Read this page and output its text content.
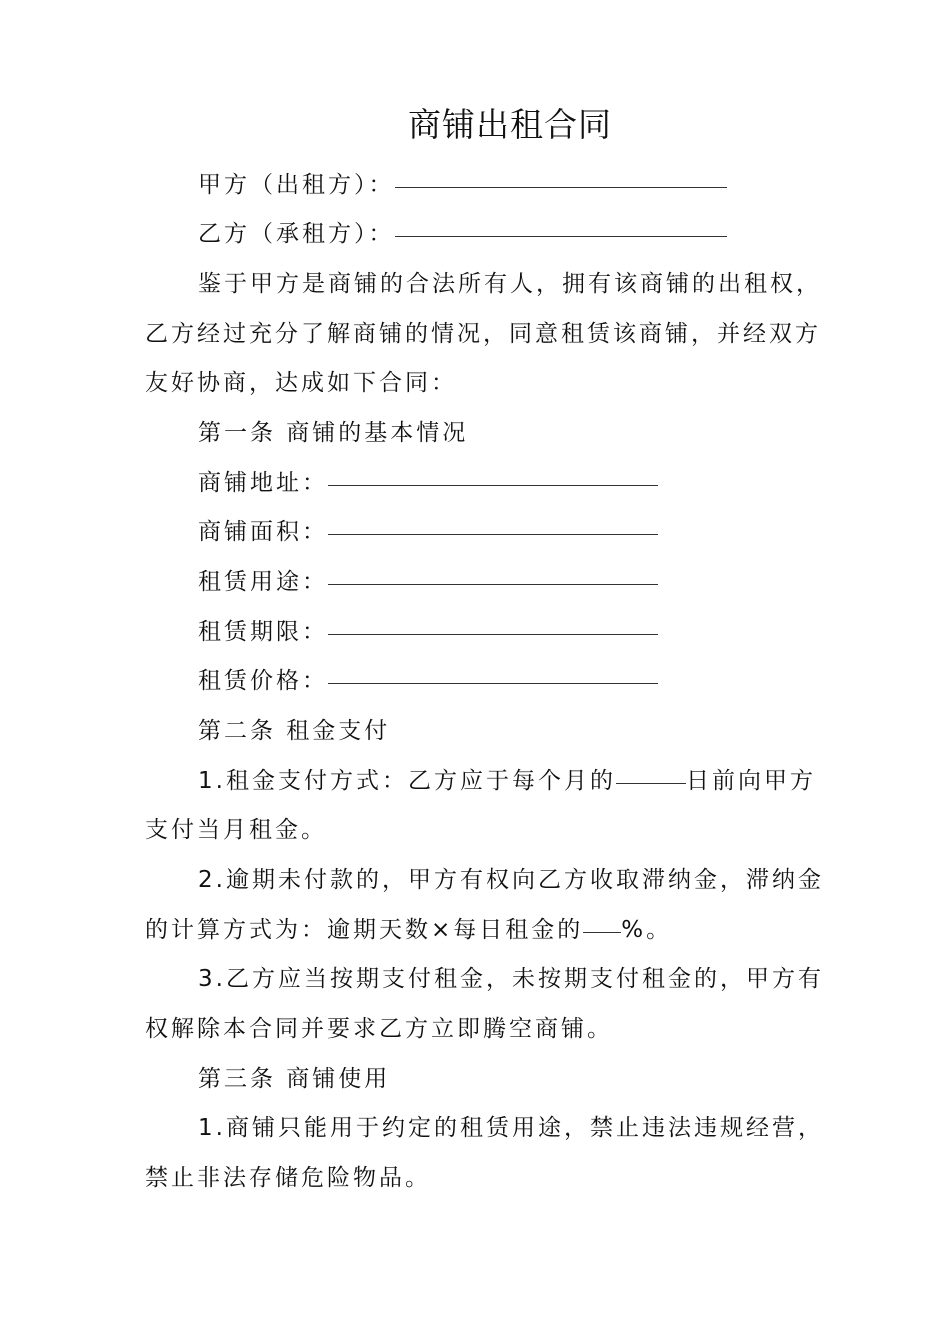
商铺出租合同
甲方（出租方）：
乙方（承租方）：
鉴于甲方是商铺的合法所有人，拥有该商铺的出租权，
乙方经过充分了解商铺的情况，同意租赁该商铺，并经双方
友好协商，达成如下合同：
第一条 商铺的基本情况
商铺地址：
商铺面积：
租赁用途：
租赁期限：
租赁价格：
第二条 租金支付
1.租金支付方式：乙方应于每个月的	日前向甲方
支付当月租金。
2.逾期未付款的，甲方有权向乙方收取滞纳金，滞纳金
的计算方式为：逾期天数×每日租金的 %。
3.乙方应当按期支付租金，未按期支付租金的，甲方有
权解除本合同并要求乙方立即腾空商铺。
第三条 商铺使用
1.商铺只能用于约定的租赁用途，禁止违法违规经营，
禁止非法存储危险物品。
